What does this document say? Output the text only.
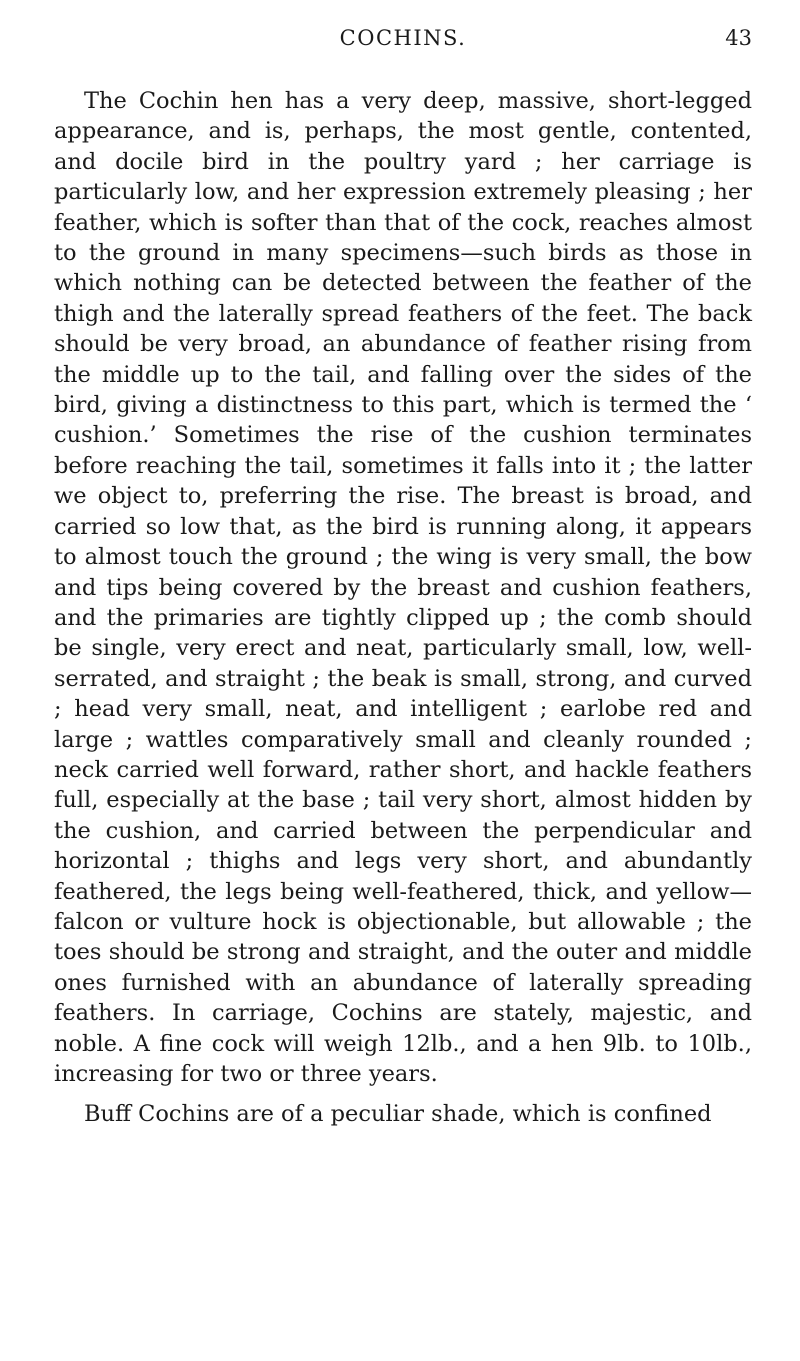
COCHINS.	43

The Cochin hen has a very deep, massive, short-legged appearance, and is, perhaps, the most gentle, contented, and docile bird in the poultry yard ; her carriage is particularly low, and her expression extremely pleasing ; her feather, which is softer than that of the cock, reaches almost to the ground in many specimens—such birds as those in which nothing can be detected between the feather of the thigh and the laterally spread feathers of the feet. The back should be very broad, an abundance of feather rising from the middle up to the tail, and falling over the sides of the bird, giving a distinctness to this part, which is termed the ‘ cushion.’ Sometimes the rise of the cushion terminates before reaching the tail, sometimes it falls into it ; the latter we object to, preferring the rise. The breast is broad, and carried so low that, as the bird is running along, it appears to almost touch the ground ; the wing is very small, the bow and tips being covered by the breast and cushion feathers, and the primaries are tightly clipped up ; the comb should be single, very erect and neat, particularly small, low, well-serrated, and straight ; the beak is small, strong, and curved ; head very small, neat, and intelligent ; earlobe red and large ; wattles comparatively small and cleanly rounded ; neck carried well forward, rather short, and hackle feathers full, especially at the base ; tail very short, almost hidden by the cushion, and carried between the perpendicular and horizontal ; thighs and legs very short, and abundantly feathered, the legs being well-feathered, thick, and yellow—falcon or vulture hock is objectionable, but allowable ; the toes should be strong and straight, and the outer and middle ones furnished with an abundance of laterally spreading feathers. In carriage, Cochins are stately, majestic, and noble. A fine cock will weigh 12lb., and a hen 9lb. to 10lb., increasing for two or three years.

Buff Cochins are of a peculiar shade, which is confined
